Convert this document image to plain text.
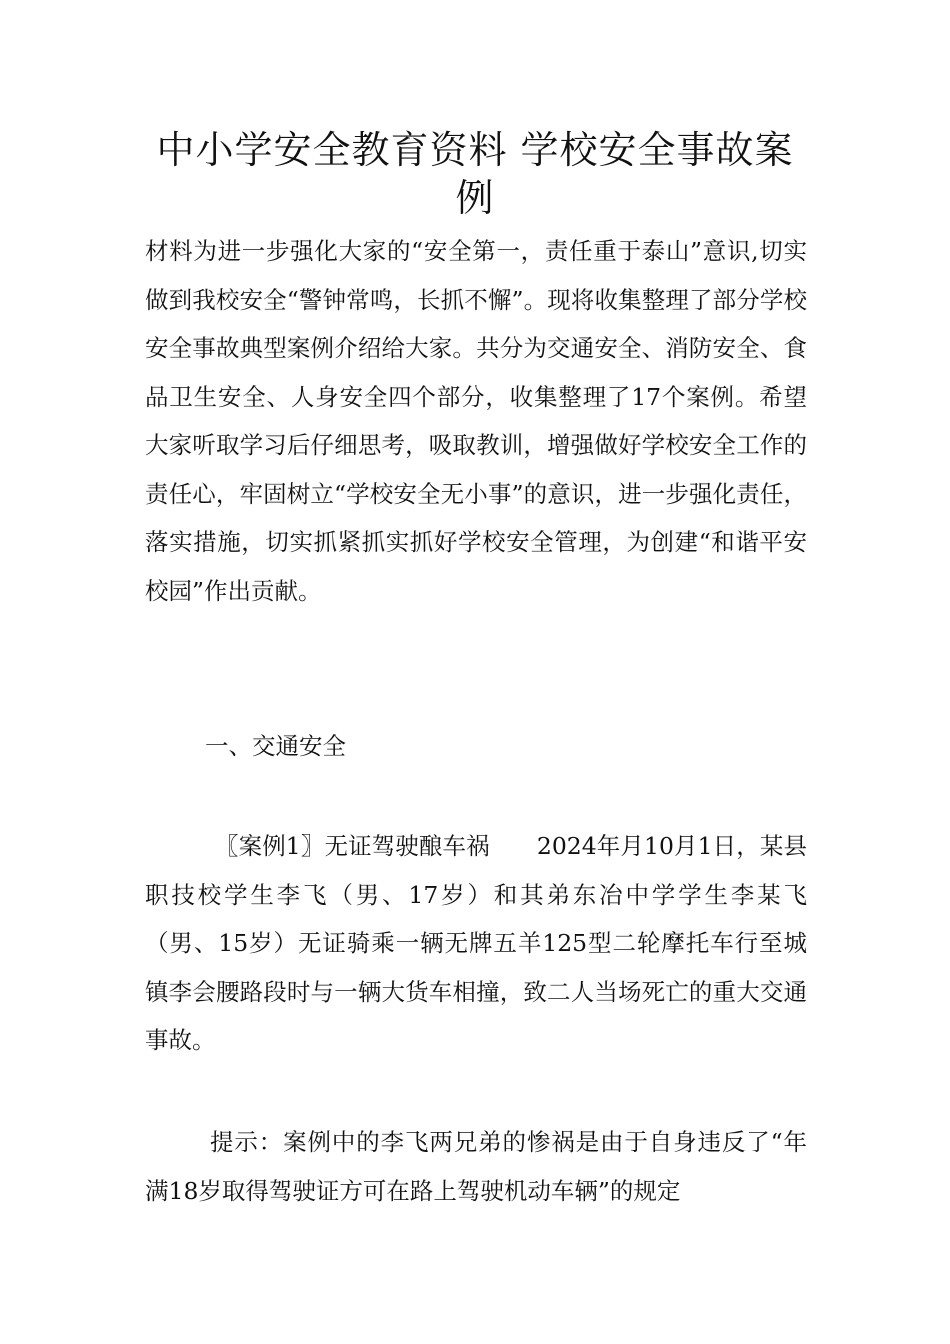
中小学安全教育资料 学校安全事故案例

材料为进一步强化大家的“安全第一，责任重于泰山”意识,切实做到我校安全“警钟常鸣，长抓不懈”。现将收集整理了部分学校安全事故典型案例介绍给大家。共分为交通安全、消防安全、食品卫生安全、人身安全四个部分，收集整理了17个案例。希望大家听取学习后仔细思考，吸取教训，增强做好学校安全工作的责任心，牢固树立“学校安全无小事”的意识，进一步强化责任，落实措施，切实抓紧抓实抓好学校安全管理，为创建“和谐平安校园”作出贡献。

一、交通安全

〖案例1〗无证驾驶酿车祸　　2024年月10月1日，某县职技校学生李飞（男、17岁）和其弟东冶中学学生李某飞（男、15岁）无证骑乘一辆无牌五羊125型二轮摩托车行至城镇李会腰路段时与一辆大货车相撞，致二人当场死亡的重大交通事故。

提示：案例中的李飞两兄弟的惨祸是由于自身违反了“年满18岁取得驾驶证方可在路上驾驶机动车辆”的规定
